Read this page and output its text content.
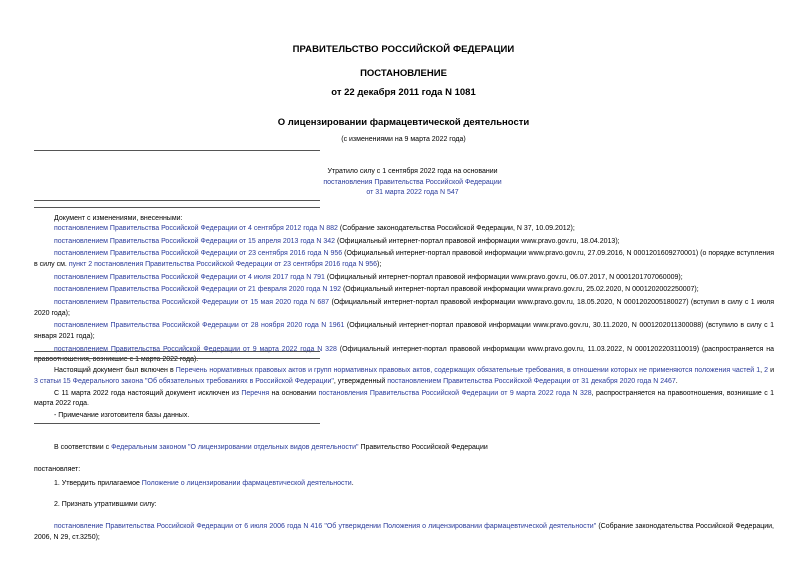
ПРАВИТЕЛЬСТВО РОССИЙСКОЙ ФЕДЕРАЦИИ
ПОСТАНОВЛЕНИЕ
от 22 декабря 2011 года N 1081
О лицензировании фармацевтической деятельности
(с изменениями на 9 марта 2022 года)
Утратило силу с 1 сентября 2022 года на основании
постановления Правительства Российской Федерации
от 31 марта 2022 года N 547
Документ с изменениями, внесенными:

постановлением Правительства Российской Федерации от 4 сентября 2012 года N 882 (Собрание законодательства Российской Федерации, N 37, 10.09.2012);

постановлением Правительства Российской Федерации от 15 апреля 2013 года N 342 (Официальный интернет-портал правовой информации www.pravo.gov.ru, 18.04.2013);

постановлением Правительства Российской Федерации от 23 сентября 2016 года N 956 (Официальный интернет-портал правовой информации www.pravo.gov.ru, 27.09.2016, N 0001201609270001) (о порядке вступления в силу см. пункт 2 постановления Правительства Российской Федерации от 23 сентября 2016 года N 956);

постановлением Правительства Российской Федерации от 4 июля 2017 года N 791 (Официальный интернет-портал правовой информации www.pravo.gov.ru, 06.07.2017, N 0001201707060009);

постановлением Правительства Российской Федерации от 21 февраля 2020 года N 192 (Официальный интернет-портал правовой информации www.pravo.gov.ru, 25.02.2020, N 0001202002250007);

постановлением Правительства Российской Федерации от 15 мая 2020 года N 687 (Официальный интернет-портал правовой информации www.pravo.gov.ru, 18.05.2020, N 0001202005180027) (вступил в силу с 1 июля 2020 года);

постановлением Правительства Российской Федерации от 28 ноября 2020 года N 1961 (Официальный интернет-портал правовой информации www.pravo.gov.ru, 30.11.2020, N 0001202011300088) (вступило в силу с 1 января 2021 года);

постановлением Правительства Российской Федерации от 9 марта 2022 года N 328 (Официальный интернет-портал правовой информации www.pravo.gov.ru, 11.03.2022, N 0001202203110019) (распространяется на правоотношения, возникшие с 1 марта 2022 года).

Настоящий документ был включен в Перечень нормативных правовых актов и групп нормативных правовых актов, содержащих обязательные требования, в отношении которых не применяются положения частей 1, 2 и 3 статьи 15 Федерального закона "Об обязательных требованиях в Российской Федерации", утвержденный постановлением Правительства Российской Федерации от 31 декабря 2020 года N 2467.

С 11 марта 2022 года настоящий документ исключен из Перечня на основании постановления Правительства Российской Федерации от 9 марта 2022 года N 328, распространяется на правоотношения, возникшие с 1 марта 2022 года.

- Примечание изготовителя базы данных.

В соответствии с Федеральным законом "О лицензировании отдельных видов деятельности" Правительство Российской Федерации

постановляет:

1. Утвердить прилагаемое Положение о лицензировании фармацевтической деятельности.

2. Признать утратившими силу:

постановление Правительства Российской Федерации от 6 июля 2006 года N 416 "Об утверждении Положения о лицензировании фармацевтической деятельности" (Собрание законодательства Российской Федерации, 2006, N 29, ст.3250);
